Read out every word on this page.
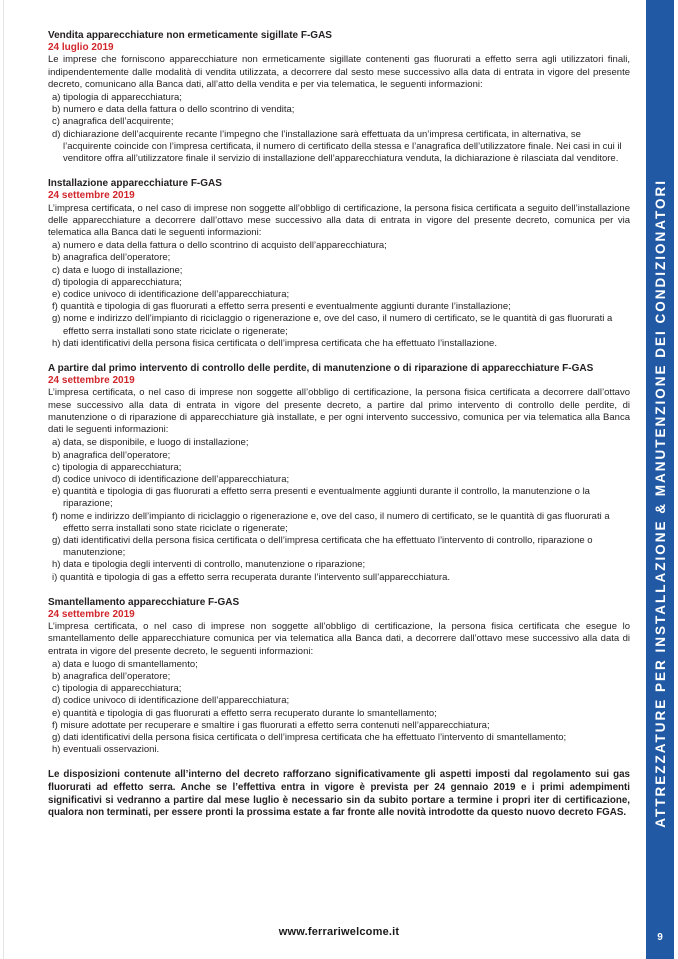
Vendita apparecchiature non ermeticamente sigillate F-GAS

24 luglio 2019

Le imprese che forniscono apparecchiature non ermeticamente sigillate contenenti gas fluorurati a effetto serra agli utilizzatori finali, indipendentemente dalle modalità di vendita utilizzata, a decorrere dal sesto mese successivo alla data di entrata in vigore del presente decreto, comunicano alla Banca dati, all’atto della vendita e per via telematica, le seguenti informazioni:

a) tipologia di apparecchiatura;
b) numero e data della fattura o dello scontrino di vendita;
c) anagrafica dell’acquirente;
d) dichiarazione dell’acquirente recante l’impegno che l’installazione sarà effettuata da un’impresa certificata, in alternativa, se l’acquirente coincide con l’impresa certificata, il numero di certificato della stessa e l’anagrafica dell’utilizzatore finale. Nei casi in cui il venditore offra all’utilizzatore finale il servizio di installazione dell’apparecchiatura venduta, la dichiarazione è rilasciata dal venditore.
Installazione apparecchiature F-GAS

24 settembre 2019

L’impresa certificata, o nel caso di imprese non soggette all’obbligo di certificazione, la persona fisica certificata a seguito dell’installazione delle apparecchiature a decorrere dall’ottavo mese successivo alla data di entrata in vigore del presente decreto, comunica per via telematica alla Banca dati le seguenti informazioni:

a) numero e data della fattura o dello scontrino di acquisto dell’apparecchiatura;
b) anagrafica dell’operatore;
c) data e luogo di installazione;
d) tipologia di apparecchiatura;
e) codice univoco di identificazione dell’apparecchiatura;
f) quantità e tipologia di gas fluorurati a effetto serra presenti e eventualmente aggiunti durante l’installazione;
g) nome e indirizzo dell’impianto di riciclaggio o rigenerazione e, ove del caso, il numero di certificato, se le quantità di gas fluorurati a effetto serra installati sono state riciclate o rigenerate;
h) dati identificativi della persona fisica certificata o dell’impresa certificata che ha effettuato l’installazione.
A partire dal primo intervento di controllo delle perdite, di manutenzione o di riparazione di apparecchiature F-GAS

24 settembre 2019

L’impresa certificata, o nel caso di imprese non soggette all’obbligo di certificazione, la persona fisica certificata a decorrere dall’ottavo mese successivo alla data di entrata in vigore del presente decreto, a partire dal primo intervento di controllo delle perdite, di manutenzione o di riparazione di apparecchiature già installate, e per ogni intervento successivo, comunica per via telematica alla Banca dati le seguenti informazioni:

a) data, se disponibile, e luogo di installazione;
b) anagrafica dell’operatore;
c) tipologia di apparecchiatura;
d) codice univoco di identificazione dell’apparecchiatura;
e) quantità e tipologia di gas fluorurati a effetto serra presenti e eventualmente aggiunti durante il controllo, la manutenzione o la riparazione;
f) nome e indirizzo dell’impianto di riciclaggio o rigenerazione e, ove del caso, il numero di certificato, se le quantità di gas fluorurati a effetto serra installati sono state riciclate o rigenerate;
g) dati identificativi della persona fisica certificata o dell’impresa certificata che ha effettuato l’intervento di controllo, riparazione o manutenzione;
h) data e tipologia degli interventi di controllo, manutenzione o riparazione;
i) quantità e tipologia di gas a effetto serra recuperata durante l’intervento sull’apparecchiatura.
Smantellamento apparecchiature F-GAS

24 settembre 2019

L’impresa certificata, o nel caso di imprese non soggette all’obbligo di certificazione, la persona fisica certificata che esegue lo smantellamento delle apparecchiature comunica per via telematica alla Banca dati, a decorrere dall’ottavo mese successivo alla data di entrata in vigore del presente decreto, le seguenti informazioni:

a) data e luogo di smantellamento;
b) anagrafica dell’operatore;
c) tipologia di apparecchiatura;
d) codice univoco di identificazione dell’apparecchiatura;
e) quantità e tipologia di gas fluorurati a effetto serra recuperato durante lo smantellamento;
f) misure adottate per recuperare e smaltire i gas fluorurati a effetto serra contenuti nell’apparecchiatura;
g) dati identificativi della persona fisica certificata o dell’impresa certificata che ha effettuato l’intervento di smantellamento;
h) eventuali osservazioni.

Le disposizioni contenute all’interno del decreto rafforzano significativamente gli aspetti imposti dal regolamento sui gas fluorurati ad effetto serra. Anche se l’effettiva entra in vigore è prevista per 24 gennaio 2019 e i primi adempimenti significativi si vedranno a partire dal mese luglio è necessario sin da subito portare a termine i propri iter di certificazione, qualora non terminati, per essere pronti la prossima estate a far fronte alle novità introdotte da questo nuovo decreto FGAS.

www.ferrariwelcome.it
ATTREZZATURE PER INSTALLAZIONE & MANUTENZIONE DEI CONDIZIONATORI
9
